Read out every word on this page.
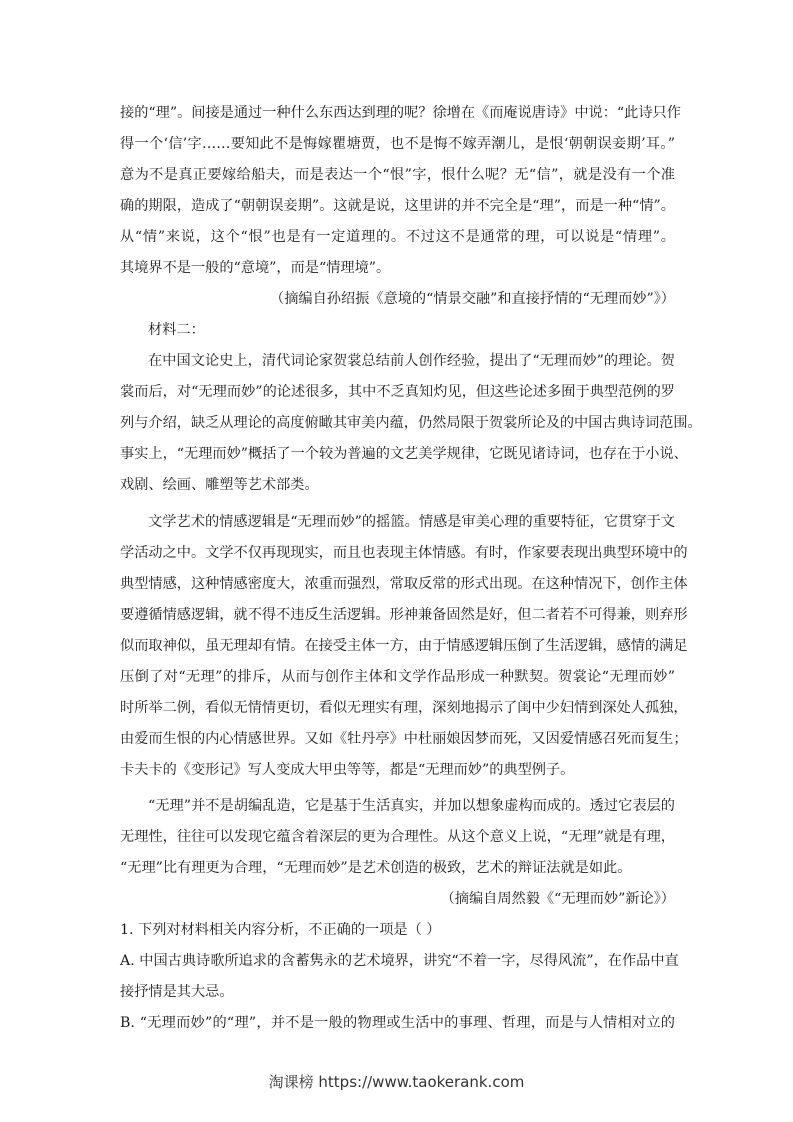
接的“理”。间接是通过一种什么东西达到理的呢？徐增在《而庵说唐诗》中说：“此诗只作
得一个‘信’字……要知此不是悔嫁瞿塘贾，也不是悔不嫁弄潮儿，是恨‘朝朝误妾期’耳。”
意为不是真正要嫁给船夫，而是表达一个“恨”字，恨什么呢？无“信”，就是没有一个准
确的期限，造成了“朝朝误妾期”。这就是说，这里讲的并不完全是“理”，而是一种“情”。
从“情”来说，这个“恨”也是有一定道理的。不过这不是通常的理，可以说是“情理”。
其境界不是一般的“意境”，而是“情理境”。
（摘编自孙绍振《意境的“情景交融”和直接抒情的“无理而妙”》）
材料二：
在中国文论史上，清代词论家贺裳总结前人创作经验，提出了“无理而妙”的理论。贺
裳而后，对“无理而妙”的论述很多，其中不乏真知灼见，但这些论述多囿于典型范例的罗
列与介绍，缺乏从理论的高度俯瞰其审美内蕴，仍然局限于贺裳所论及的中国古典诗词范围。
事实上，“无理而妙”概括了一个较为普遍的文艺美学规律，它既见诸诗词，也存在于小说、
戏剧、绘画、雕塑等艺术部类。
文学艺术的情感逻辑是“无理而妙”的摇篮。情感是审美心理的重要特征，它贯穿于文
学活动之中。文学不仅再现现实，而且也表现主体情感。有时，作家要表现出典型环境中的
典型情感，这种情感密度大，浓重而强烈，常取反常的形式出现。在这种情况下，创作主体
要遵循情感逻辑，就不得不违反生活逻辑。形神兼备固然是好，但二者若不可得兼，则弃形
似而取神似，虽无理却有情。在接受主体一方，由于情感逻辑压倒了生活逻辑，感情的满足
压倒了对“无理”的排斥，从而与创作主体和文学作品形成一种默契。贺裳论“无理而妙”
时所举二例，看似无情情更切，看似无理实有理，深刻地揭示了闺中少妇情到深处人孤独，
由爱而生恨的内心情感世界。又如《牡丹亭》中杜丽娘因梦而死，又因爱情感召死而复生；
卡夫卡的《变形记》写人变成大甲虫等等，都是“无理而妙”的典型例子。
“无理”并不是胡编乱造，它是基于生活真实，并加以想象虚构而成的。透过它表层的
无理性，往往可以发现它蕴含着深层的更为合理性。从这个意义上说，“无理”就是有理，
“无理”比有理更为合理，“无理而妙”是艺术创造的极致，艺术的辩证法就是如此。
（摘编自周然毅《“无理而妙”新论》）
1. 下列对材料相关内容分析，不正确的一项是（ ）
A. 中国古典诗歌所追求的含蓄隽永的艺术境界，讲究“不着一字，尽得风流”，在作品中直
接抒情是其大忌。
B. “无理而妙”的“理”，并不是一般的物理或生活中的事理、哲理，而是与人情相对立的
淘课榜 https://www.taokerank.com
